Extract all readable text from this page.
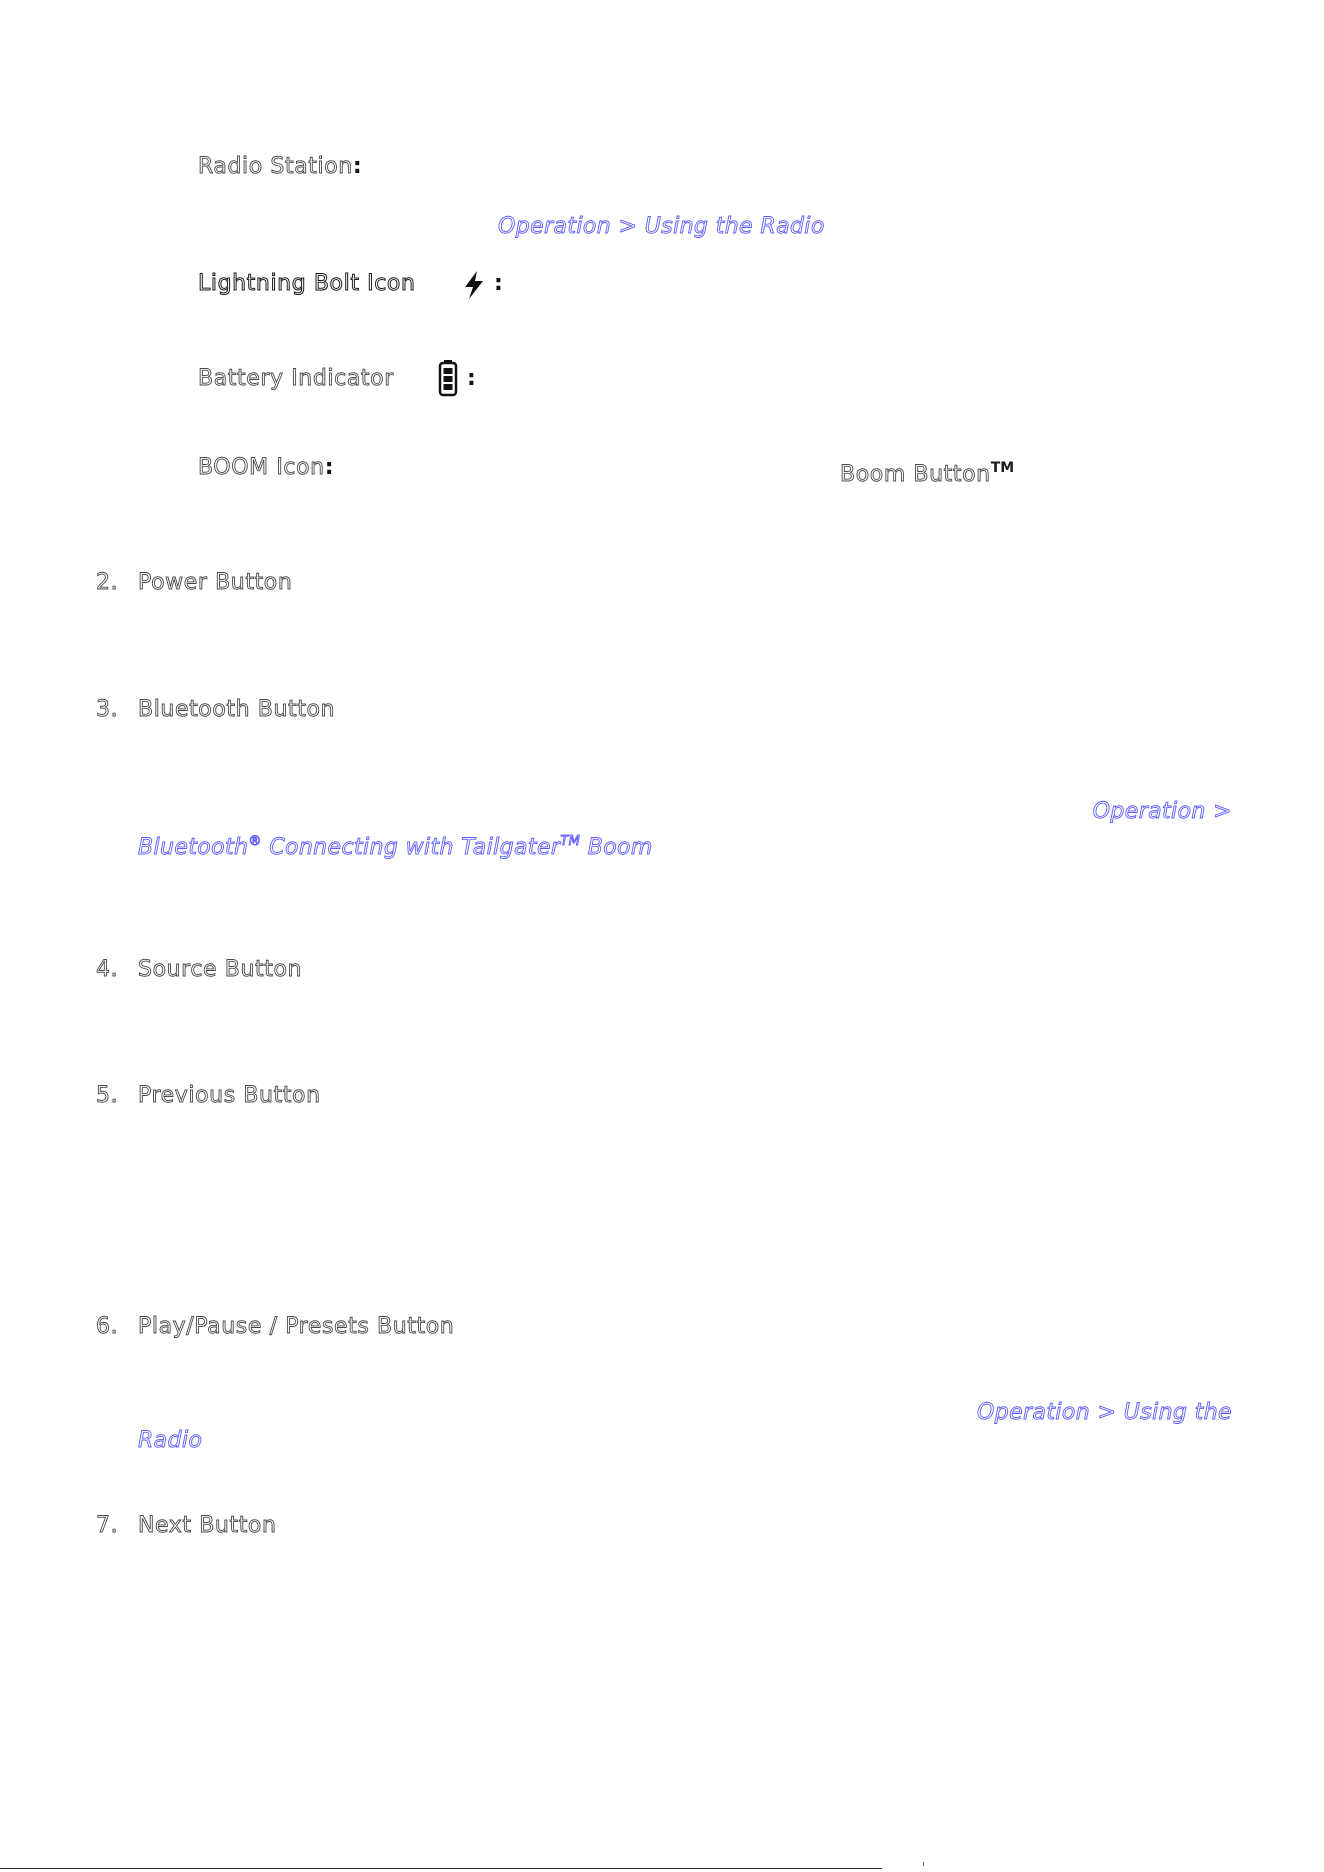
Radio Station:
Operation > Using the Radio
Lightning Bolt Icon	:
Battery Indicator	:
BOOM Icon:	Boom ButtonTM
2. Power Button
3. Bluetooth Button
Operation >
Bluetooth® Connecting with Tailgater™ Boom
4. Source Button
5. Previous Button
6. Play/Pause / Presets Button
Operation > Using the
Radio
7. Next Button
